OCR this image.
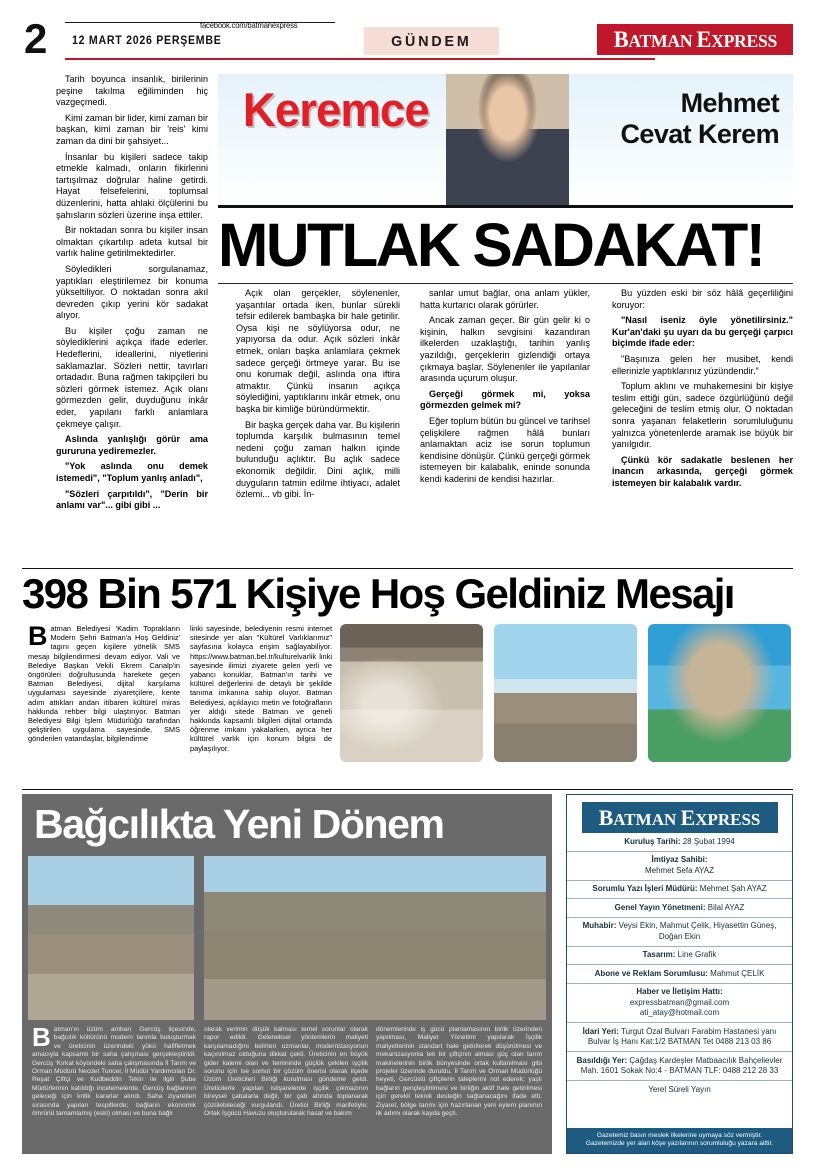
2	facebook.com/batmanexpress
12 MART 2026 PERŞEMBE	GÜNDEM	BATMAN EXPRESS

Tarih boyunca insanlık, birilerinin peşine takılma eğiliminden hiç vazgeçmedi.

Kimi zaman bir lider, kimi zaman bir başkan, kimi zaman bir 'reis' kimi zaman da dini bir şahsiyet...

İnsanlar bu kişileri sadece takip etmekle kalmadı, onların fikirlerini tartışılmaz doğrular haline getirdi. Hayat felsefelerini, toplumsal düzenlerini, hatta ahlaki ölçülerini bu şahısların sözleri üzerine inşa ettiler.

Bir noktadan sonra bu kişiler insan olmaktan çıkartılıp adeta kutsal bir varlık haline getirilmektedirler.

Söyledikleri sorgulanamaz, yaptıkları eleştirilemez bir konuma yükseltiliyor. O noktadan sonra akıl devreden çıkıp yerini kör sadakat alıyor.

Bu kişiler çoğu zaman ne söylediklerini açıkça ifade ederler. Hedeflerini, ideallerini, niyetlerini saklamazlar. Sözleri nettir, tavırları ortadadır. Buna rağmen takipçileri bu sözleri görmek istemez. Açık olanı görmezden gelir, duyduğunu inkâr eder, yapılanı farklı anlamlara çekmeye çalışır.

Aslında yanlışlığı görür ama gururuna yediremezler.

"Yok aslında onu demek istemedi", "Toplum yanlış anladı",

"Sözleri çarpıtıldı", "Derin bir anlamı var"... gibi gibi ...

Keremce	Mehmet
Cevat Kerem
MUTLAK SADAKAT!

Açık olan gerçekler, söylenenler, yaşantılar ortada iken, bunlar sürekli tefsir edilerek bambaşka bir hale getirilir. Oysa kişi ne söylüyorsa odur, ne yapıyorsa da odur. Açık sözleri inkâr etmek, onları başka anlamlara çekmek sadece gerçeği örtmeye yarar. Bu ise onu korumak değil, aslında ona iftira atmaktır. Çünkü insanın açıkça söylediğini, yaptıklarını inkâr etmek, onu başka bir kimliğe büründürmektir.

Bir başka gerçek daha var. Bu kişilerin toplumda karşılık bulmasının temel nedeni çoğu zaman halkın içinde bulunduğu açlıktır. Bu açlık sadece ekonomik değildir. Dini açlık, milli duyguların tatmin edilme ihtiyacı, adalet özlemi... vb gibi. İn-

sanlar umut bağlar, ona anlam yükler, hatta kurtarıcı olarak görürler.

Ancak zaman geçer. Bir gün gelir ki o kişinin, halkın sevgisini kazandıran ilkelerden uzaklaştığı, tarihin yanlış yazıldığı, gerçeklerin gizlendiği ortaya çıkmaya başlar. Söylenenler ile yapılanlar arasında uçurum oluşur.

Gerçeği görmek mi, yoksa görmezden gelmek mi?

Eğer toplum bütün bu güncel ve tarihsel çelişkilere rağmen hâlâ bunları anlamaktan aciz ise sorun toplumun kendisine dönüşür. Çünkü gerçeği görmek istemeyen bir kalabalık, eninde sonunda kendi kaderini de kendisi hazırlar.

Bu yüzden eski bir söz hâlâ geçerliliğini koruyor:

"Nasıl iseniz öyle yönetilirsiniz." Kur'an'daki şu uyarı da bu gerçeği çarpıcı biçimde ifade eder:

"Başınıza gelen her musibet, kendi ellerinizle yaptıklarınız yüzündendir."

Toplum aklını ve muhakemesini bir kişiye teslim ettiği gün, sadece özgürlüğünü değil geleceğini de teslim etmiş olur. O noktadan sonra yaşanan felaketlerin sorumluluğunu yalnızca yönetenlerde aramak ise büyük bir yanılgıdır.

Çünkü kör sadakatle beslenen her inancın arkasında, gerçeği görmek istemeyen bir kalabalık vardır.

398 Bin 571 Kişiye Hoş Geldiniz Mesajı

Batman Belediyesi 'Kadim Toprakların Modern Şehri Batman'a Hoş Geldiniz' tagını geçen kişilere yönelik SMS mesajı bilgilendirmesi devam ediyor. Vali ve Belediye Başkan Vekili Ekrem Canalp'in öngörüleri doğrultusunda harekete geçen Batman Belediyesi, dijital karşılama uygulaması sayesinde ziyaretçilere, kente adım attıkları andan itibaren kültürel miras hakkında rehber bilgi ulaştırıyor. Batman Belediyesi Bilgi İşlem Müdürlüğü tarafından geliştirilen uygulama sayesinde, SMS gönderilen vatandaşlar, bilgilendirme

linki sayesinde, belediyenin resmi internet sitesinde yer alan "Kültürel Varlıklarımız" sayfasına kolayca erişim sağlayabiliyor. https://www.batman.bel.tr/kulturelvarlik linki sayesinde ilimizi ziyarete gelen yerli ve yabancı konuklar, Batman'ın tarihi ve kültürel değerlerini de detaylı bir şekilde tanıma imkanına sahip oluyor. Batman Belediyesi, açıklayıcı metin ve fotoğrafların yer aldığı sitede Batman ve geneli hakkında kapsamlı bilgileri dijital ortamda öğrenme imkanı yakalarken, ayrıca her kültürel varlık için konum bilgisi de paylaşılıyor.

Bağcılıkta Yeni Dönem

Batman'ın üzüm ambarı Gercüş ilçesinde, bağcılık kültürünü modern tarımla buluşturmak ve üreticinin üzerindeki yükü hafifletmek amacıyla kapsamlı bir saha çalışması gerçekleştirildi. Gercüş 'Kırkat köyündeki saha çalışmasında İl Tarım ve Orman Müdürü Necdet Tuncer, İl Müdür Yardımcıları Dr. Reşat Çiftçi ve Kudbeddin Tekin ile ilgili Şube Müdürlerinin katıldığı incelemelerde, Gercüş bağlarının geleceği için kritik kararlar alındı. Saha ziyaretleri sırasında yapılan tespitlerde; bağların ekonomik ömrünü tamamlamış (eski) olması ve buna bağlı

olarak verimin düşük kalması temel sorunlar olarak rapor edildi. Geleneksel yöntemlerin maliyeti karşılamadığını belirten uzmanlar, modernizasyonun kaçınılmaz olduğuna dikkat çekti. Üreticinin en büyük gider kalemi olan ve temininde güçlük çekilen işçilik sorunu için ise somut bir çözüm önerisi olarak ilçede Üzüm Üreticileri Birliği kurulması gündeme geldi. Üreticilerle yapılan istişarelerde işçilik çıkmazının bireysel çabalarla değil, bir çatı altında toplanarak çözülebileceği vurgulandı. Üretici Birliği marifetiyle; Ortak İşgücü Havuzu oluşturularak hasat ve bakım

dönemlerinde iş gücü planlamasının birlik üzerinden yapılması, Maliyet Yönetimi yapılarak İşçilik maliyetlerinin standart hale getirilerek düşürülmesi ve mekanizasyonla tek bir çiftçinin alması güç olan tarım makinelerinin birlik bünyesinde ortak kullanılması gibi projeler üzerinde duruldu. İl Tarım ve Orman Müdürlüğü heyeti, Gercüslü çiftçilerin taleplerini not ederek; yaşlı bağların gençleştirilmesi ve birliğin aktif hale getirilmesi için gerekli teknik desteğin sağlanacağını ifade etti. Ziyaret, bölge tarımı için hazırlanan yeni eylem planının ilk adımı olarak kayda geçti.

BATMAN EXPRESS
Kuruluş Tarihi: 28 Şubat 1994
İmtiyaz Sahibi:
Mehmet Sefa AYAZ
Sorumlu Yazı İşleri Müdürü: Mehmet Şah AYAZ
Genel Yayın Yönetmeni: Bilal AYAZ
Muhabir: Veysi Ekin, Mahmut Çelik, Hiyasettin Güneş, Doğan Ekin
Tasarım: Line Grafik
Abone ve Reklam Sorumlusu: Mahmut ÇELİK
Haber ve İletişim Hattı:
expressbatman@gmail.com
ati_atay@hotmail.com
İdari Yeri: Turgut Özal Bulvarı Farabim Hastanesi yanı Bulvar İş Hanı Kat:1/2 BATMAN Tet 0488 213 03 86
Basıldığı Yer: Çağdaş Kardeşler Matbaacılık Bahçelievler Mah. 1601 Sokak No:4 - BATMAN TLF: 0488 212 28 33
Yerel Süreli Yayın
Gazetemiz basın meslek ilkelerine uymaya söz vermiştir.
Gazetemizde yer alan köşe yazılarının sorumluluğu yazara aittir.
